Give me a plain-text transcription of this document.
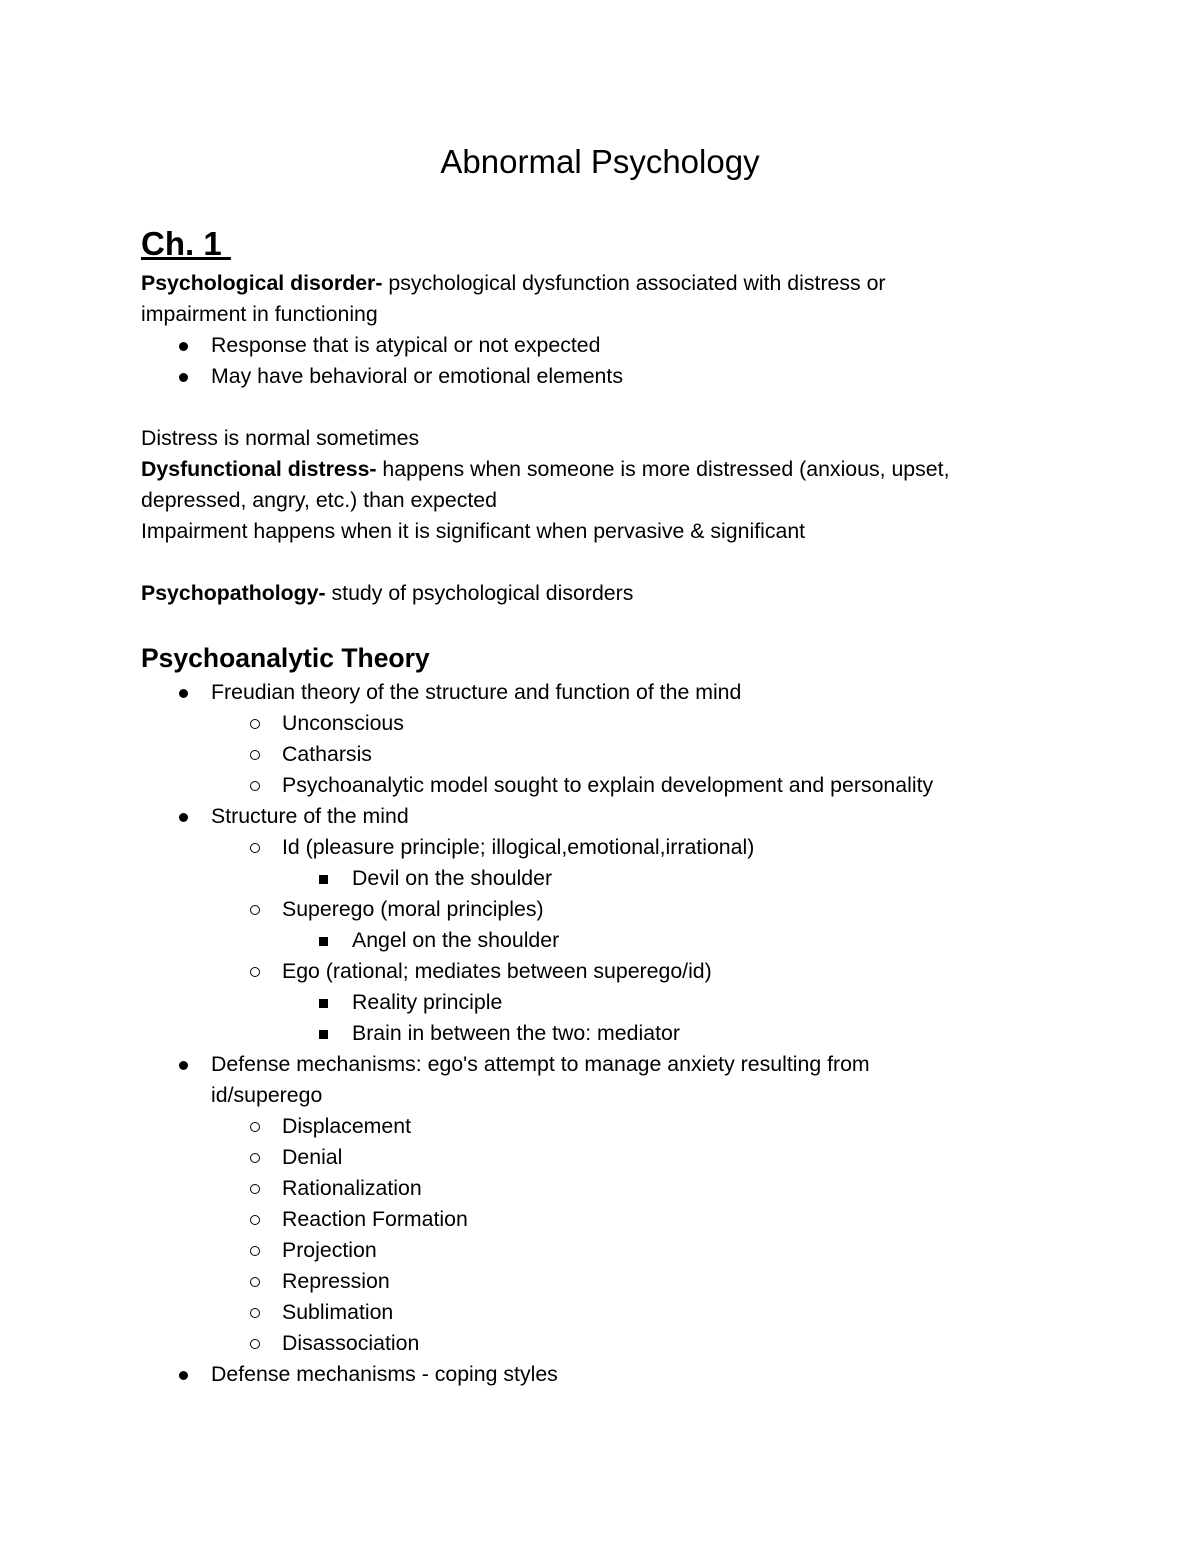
Abnormal Psychology
Ch. 1
Psychological disorder- psychological dysfunction associated with distress or
impairment in functioning
Response that is atypical or not expected
May have behavioral or emotional elements
Distress is normal sometimes
Dysfunctional distress- happens when someone is more distressed (anxious, upset,
depressed, angry, etc.) than expected
Impairment happens when it is significant when pervasive & significant
Psychopathology- study of psychological disorders
Psychoanalytic Theory
Freudian theory of the structure and function of the mind
Unconscious
Catharsis
Psychoanalytic model sought to explain development and personality
Structure of the mind
Id (pleasure principle; illogical,emotional,irrational)
Devil on the shoulder
Superego (moral principles)
Angel on the shoulder
Ego (rational; mediates between superego/id)
Reality principle
Brain in between the two: mediator
Defense mechanisms: ego's attempt to manage anxiety resulting from
id/superego
Displacement
Denial
Rationalization
Reaction Formation
Projection
Repression
Sublimation
Disassociation
Defense mechanisms - coping styles
